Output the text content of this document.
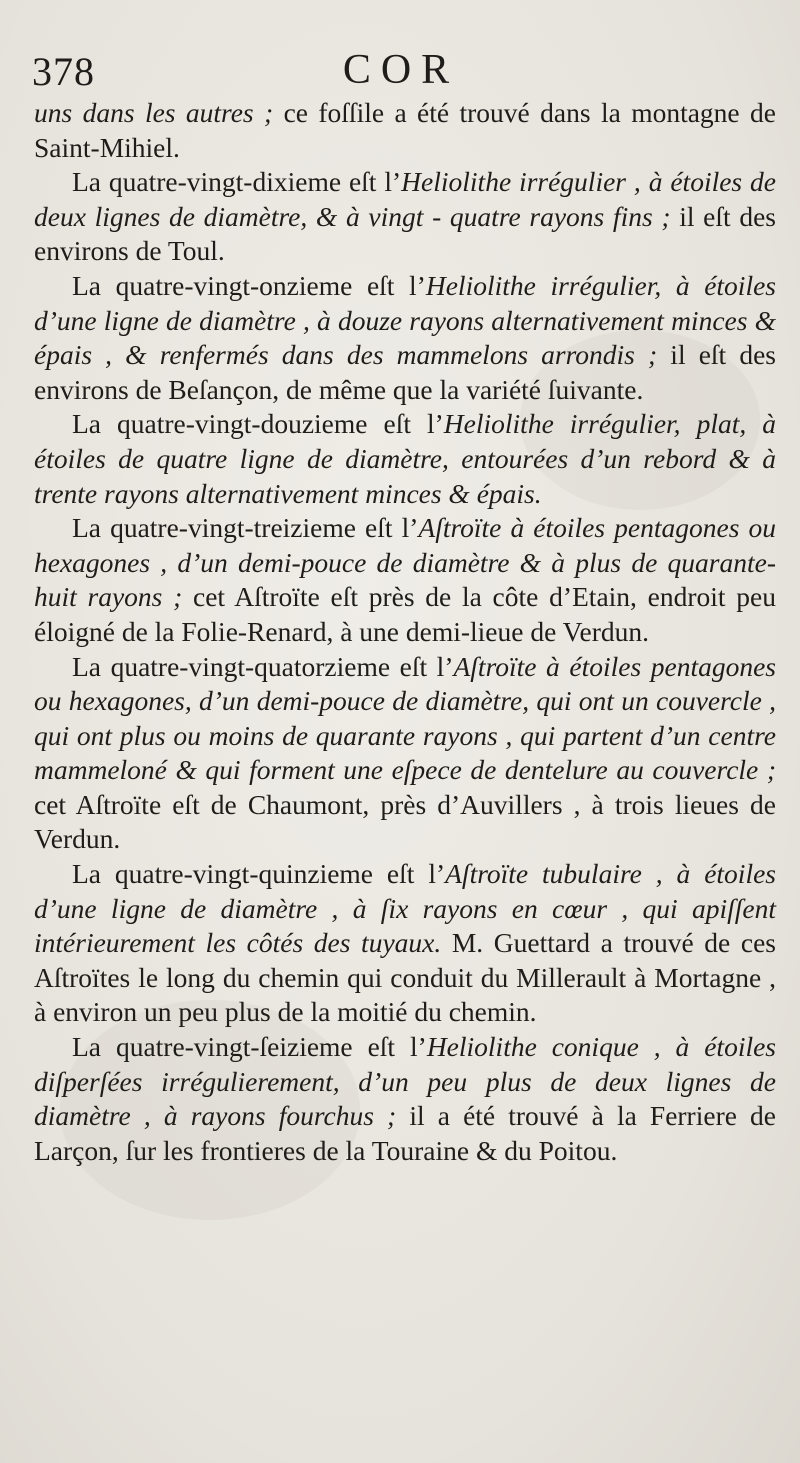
378	COR

uns dans les autres ; ce foſſile a été trouvé dans la montagne de Saint-Mihiel.

La quatre-vingt-dixieme eſt l’Heliolithe irrégulier , à étoiles de deux lignes de diamètre, & à vingt - quatre rayons fins ; il eſt des environs de Toul.

La quatre-vingt-onzieme eſt l’Heliolithe irrégulier, à étoiles d’une ligne de diamètre , à douze rayons alternativement minces & épais , & renfermés dans des mammelons arrondis ; il eſt des environs de Beſançon, de même que la variété ſuivante.

La quatre-vingt-douzieme eſt l’Heliolithe irrégulier, plat, à étoiles de quatre ligne de diamètre, entourées d’un rebord & à trente rayons alternativement minces & épais.

La quatre-vingt-treizieme eſt l’Aſtroïte à étoiles pentagones ou hexagones , d’un demi-pouce de diamètre & à plus de quarante-huit rayons ; cet Aſtroïte eſt près de la côte d’Etain, endroit peu éloigné de la Folie-Renard, à une demi-lieue de Verdun.

La quatre-vingt-quatorzieme eſt l’Aſtroïte à étoiles pentagones ou hexagones, d’un demi-pouce de diamètre, qui ont un couvercle , qui ont plus ou moins de quarante rayons , qui partent d’un centre mammeloné & qui forment une eſpece de dentelure au couvercle ; cet Aſtroïte eſt de Chaumont, près d’Auvillers , à trois lieues de Verdun.

La quatre-vingt-quinzieme eſt l’Aſtroïte tubulaire , à étoiles d’une ligne de diamètre , à ſix rayons en cœur , qui apiſſent intérieurement les côtés des tuyaux. M. Guettard a trouvé de ces Aſtroïtes le long du chemin qui conduit du Millerault à Mortagne , à environ un peu plus de la moitié du chemin.

La quatre-vingt-ſeizieme eſt l’Heliolithe conique , à étoiles diſperſées irrégulierement, d’un peu plus de deux lignes de diamètre , à rayons fourchus ; il a été trouvé à la Ferriere de Larçon, ſur les frontieres de la Touraine & du Poitou.
